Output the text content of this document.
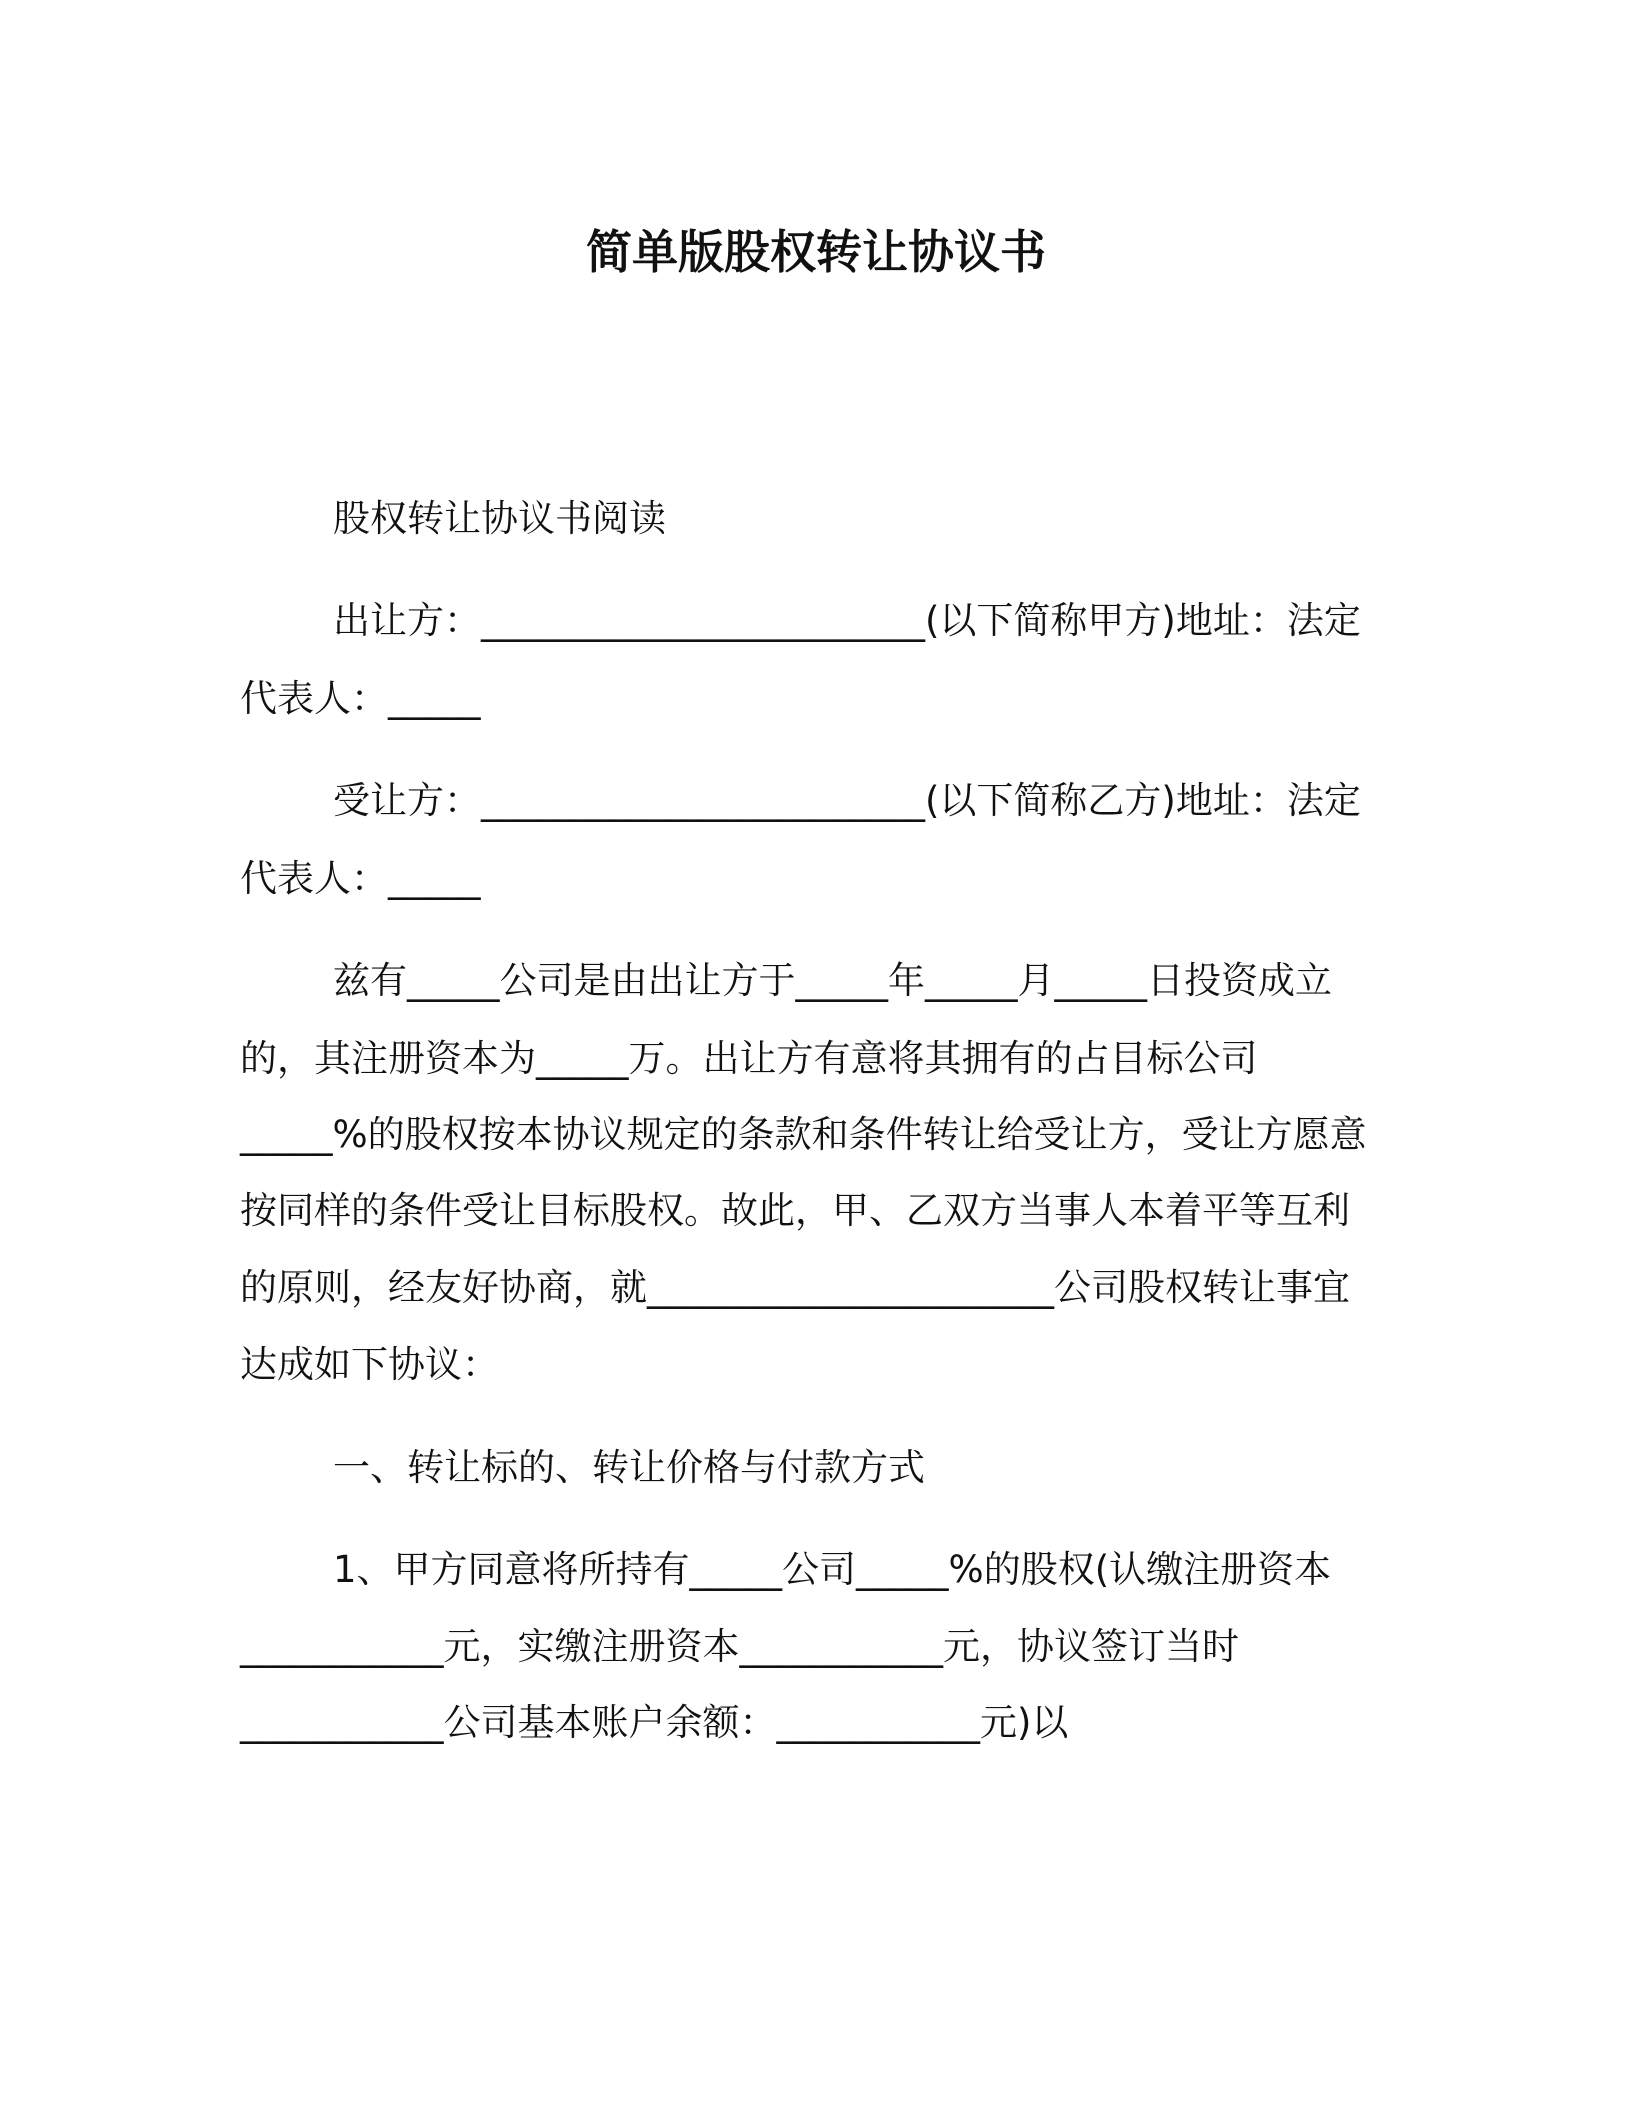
简单版股权转让协议书
股权转让协议书阅读
出让方：________________________(以下简称甲方)地址：法定
代表人：_____
受让方：________________________(以下简称乙方)地址：法定
代表人：_____
兹有_____公司是由出让方于_____年_____月_____日投资成立
的，其注册资本为_____万。出让方有意将其拥有的占目标公司
_____%的股权按本协议规定的条款和条件转让给受让方，受让方愿意
按同样的条件受让目标股权。故此，甲、乙双方当事人本着平等互利
的原则，经友好协商，就______________________公司股权转让事宜
达成如下协议：
一、转让标的、转让价格与付款方式
1、甲方同意将所持有_____公司_____%的股权(认缴注册资本
___________元，实缴注册资本___________元，协议签订当时
___________公司基本账户余额：___________元)以
